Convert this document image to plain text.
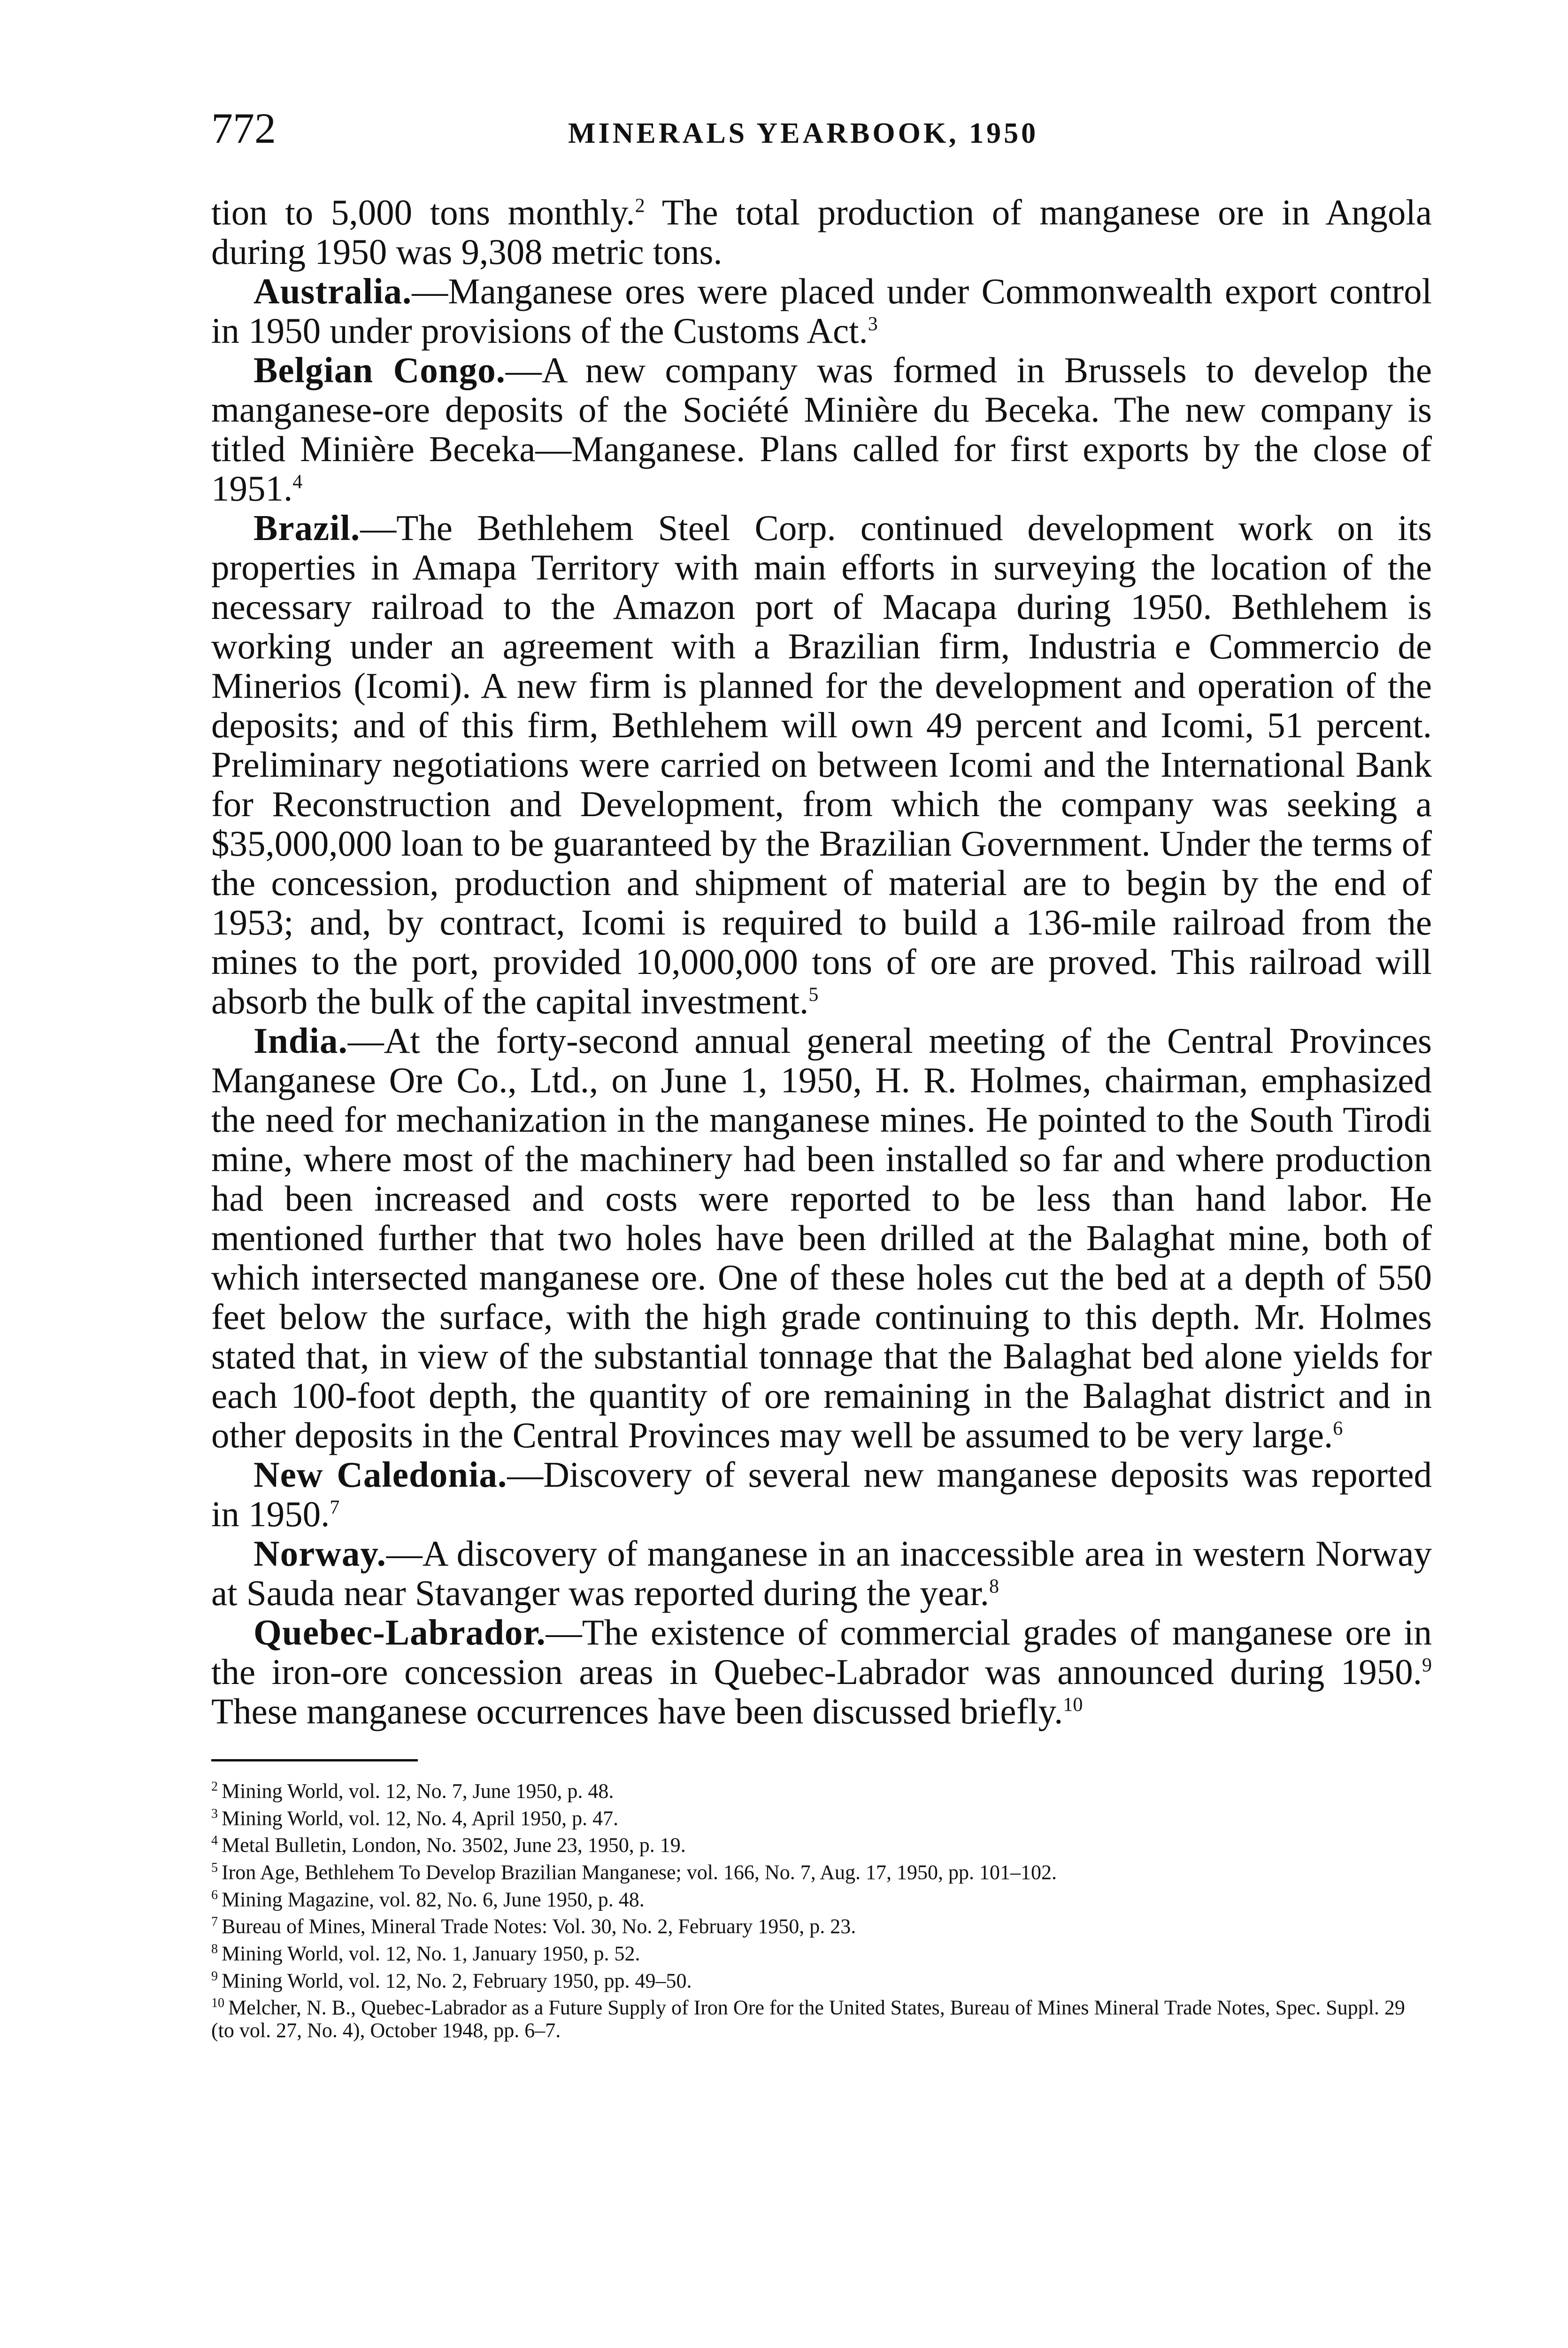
772	MINERALS YEARBOOK, 1950

tion to 5,000 tons monthly.$^2$ The total production of manganese ore in Angola during 1950 was 9,308 metric tons.

Australia.—Manganese ores were placed under Commonwealth export control in 1950 under provisions of the Customs Act.$^3$

Belgian Congo.—A new company was formed in Brussels to develop the manganese-ore deposits of the Société Minière du Beceka. The new company is titled Minière Beceka—Manganese. Plans called for first exports by the close of 1951.$^4$

Brazil.—The Bethlehem Steel Corp. continued development work on its properties in Amapa Territory with main efforts in surveying the location of the necessary railroad to the Amazon port of Macapa during 1950. Bethlehem is working under an agreement with a Brazilian firm, Industria e Commercio de Minerios (Icomi). A new firm is planned for the development and operation of the deposits; and of this firm, Bethlehem will own 49 percent and Icomi, 51 percent. Preliminary negotiations were carried on between Icomi and the International Bank for Reconstruction and Development, from which the company was seeking a $35,000,000 loan to be guaranteed by the Brazilian Government. Under the terms of the concession, production and shipment of material are to begin by the end of 1953; and, by contract, Icomi is required to build a 136-mile railroad from the mines to the port, provided 10,000,000 tons of ore are proved. This railroad will absorb the bulk of the capital investment.$^5$

India.—At the forty-second annual general meeting of the Central Provinces Manganese Ore Co., Ltd., on June 1, 1950, H. R. Holmes, chairman, emphasized the need for mechanization in the manganese mines. He pointed to the South Tirodi mine, where most of the machinery had been installed so far and where production had been increased and costs were reported to be less than hand labor. He mentioned further that two holes have been drilled at the Balaghat mine, both of which intersected manganese ore. One of these holes cut the bed at a depth of 550 feet below the surface, with the high grade continuing to this depth. Mr. Holmes stated that, in view of the substantial tonnage that the Balaghat bed alone yields for each 100-foot depth, the quantity of ore remaining in the Balaghat district and in other deposits in the Central Provinces may well be assumed to be very large.$^6$

New Caledonia.—Discovery of several new manganese deposits was reported in 1950.$^7$

Norway.—A discovery of manganese in an inaccessible area in western Norway at Sauda near Stavanger was reported during the year.$^8$

Quebec-Labrador.—The existence of commercial grades of manganese ore in the iron-ore concession areas in Quebec-Labrador was announced during 1950.$^9$ These manganese occurrences have been discussed briefly.$^{10}$

$^2$ Mining World, vol. 12, No. 7, June 1950, p. 48.
$^3$ Mining World, vol. 12, No. 4, April 1950, p. 47.
$^4$ Metal Bulletin, London, No. 3502, June 23, 1950, p. 19.
$^5$ Iron Age, Bethlehem To Develop Brazilian Manganese; vol. 166, No. 7, Aug. 17, 1950, pp. 101–102.
$^6$ Mining Magazine, vol. 82, No. 6, June 1950, p. 48.
$^7$ Bureau of Mines, Mineral Trade Notes: Vol. 30, No. 2, February 1950, p. 23.
$^8$ Mining World, vol. 12, No. 1, January 1950, p. 52.
$^9$ Mining World, vol. 12, No. 2, February 1950, pp. 49–50.
$^{10}$ Melcher, N. B., Quebec-Labrador as a Future Supply of Iron Ore for the United States, Bureau of Mines Mineral Trade Notes, Spec. Suppl. 29 (to vol. 27, No. 4), October 1948, pp. 6–7.
